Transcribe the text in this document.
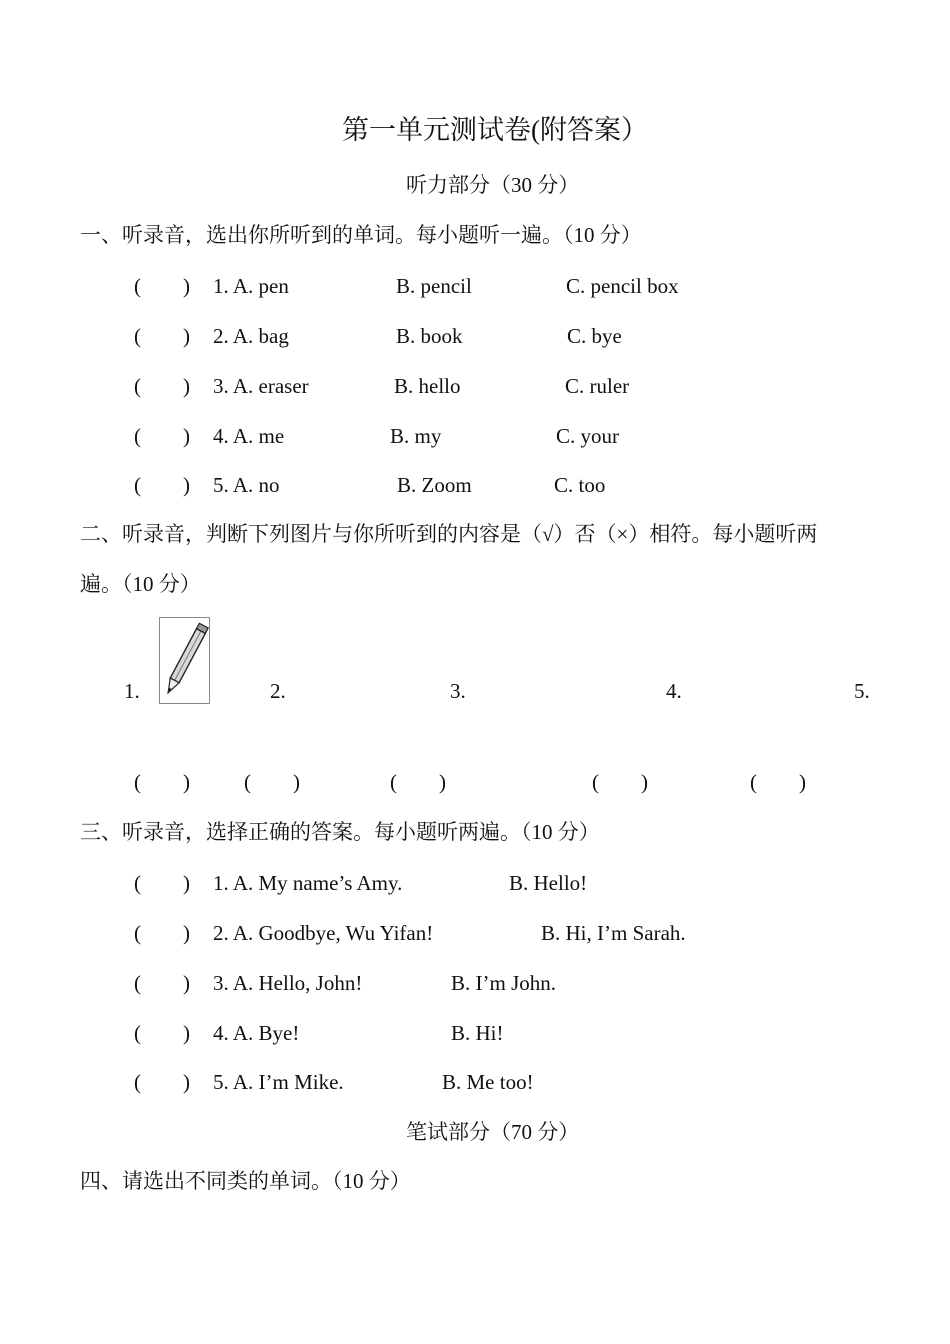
第一单元测试卷(附答案）
听力部分（30 分）
一、听录音，选出你所听到的单词。每小题听一遍。（10 分）
(　　) 1. A. pen	B. pencil	C. pencil box
(　　) 2. A. bag	B. book	C. bye
(　　) 3. A. eraser	B. hello	C. ruler
(　　) 4. A. me	B. my	C. your
(　　) 5. A. no	B. Zoom	C. too
二、听录音，判断下列图片与你所听到的内容是（√）否（×）相符。每小题听两
遍。（10 分）
1.	2.	3.	4.	5.
(　　)	(　　)	(　　)	(　　)	(　　)
三、听录音，选择正确的答案。每小题听两遍。（10 分）
(　　) 1. A. My name’s Amy.	B. Hello!
(　　) 2. A. Goodbye, Wu Yifan!	B. Hi, I’m Sarah.
(　　) 3. A. Hello, John!	B. I’m John.
(　　) 4. A. Bye!	B. Hi!
(　　) 5. A. I’m Mike.	B. Me too!
笔试部分（70 分）
四、请选出不同类的单词。（10 分）
